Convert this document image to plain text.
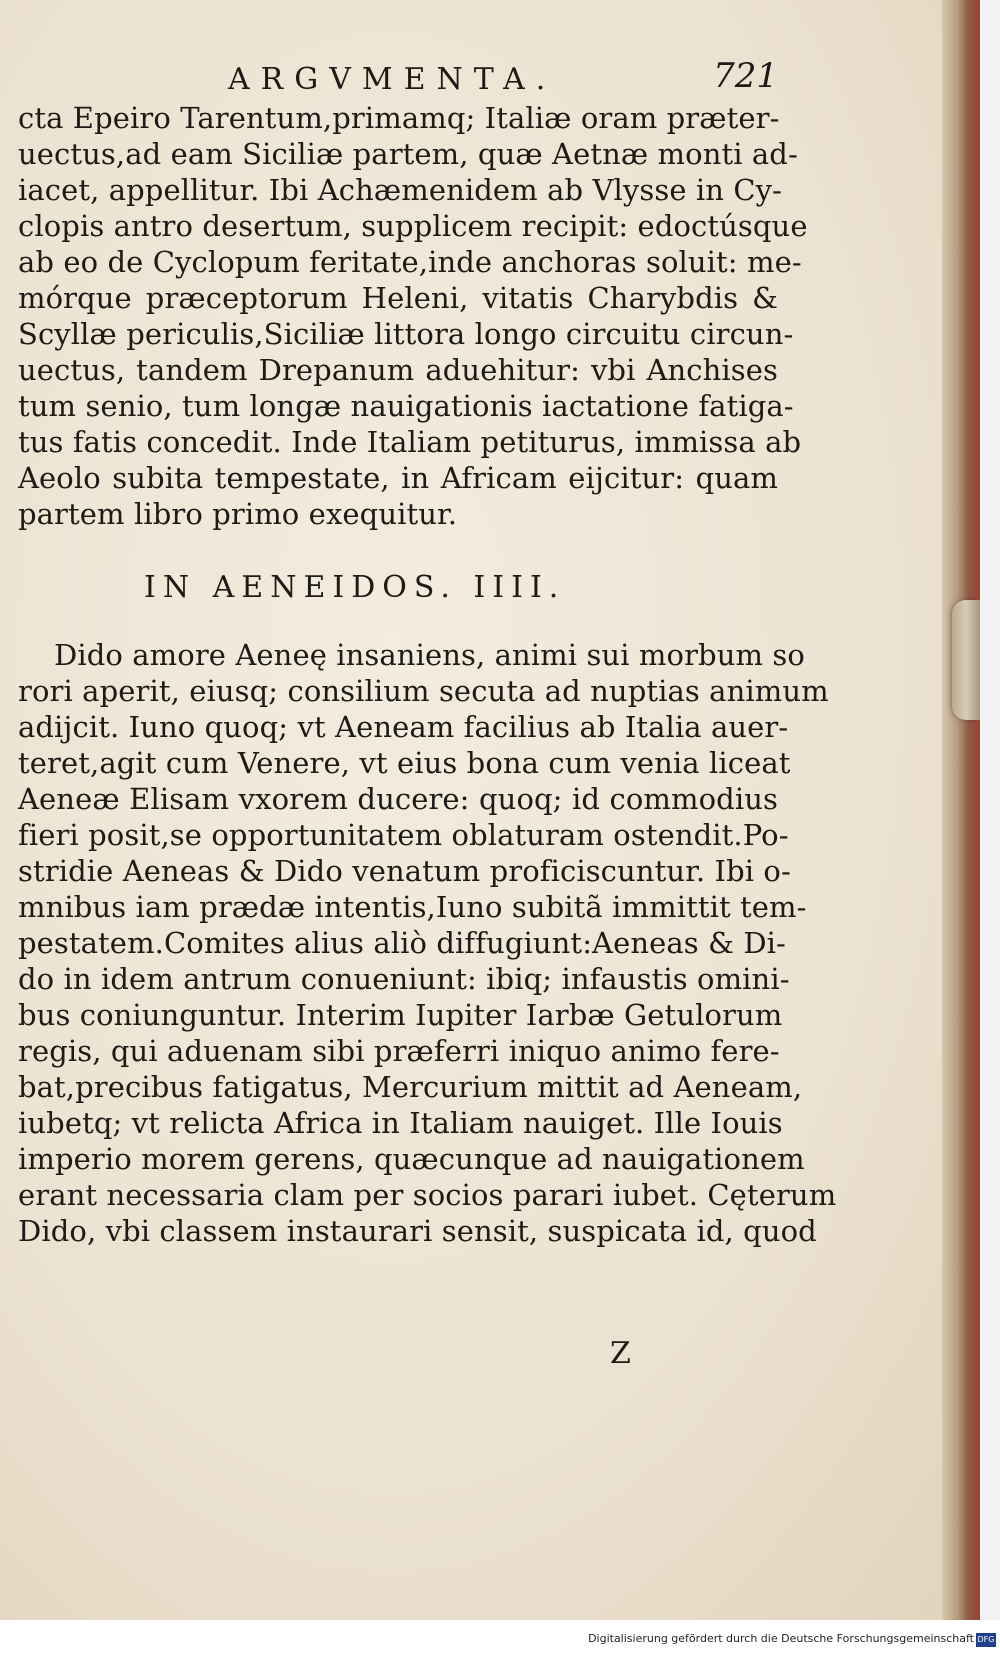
ARGVMENTA.	721
cta Epeiro Tarentum,primamq; Italiæ oram præter-
uectus,ad eam Siciliæ partem, quæ Aetnæ monti ad-
iacet, appellitur. Ibi Achæmenidem ab Vlysse in Cy-
clopis antro desertum, supplicem recipit: edoctúsque
ab eo de Cyclopum feritate,inde anchoras soluit: me-
mórque præceptorum Heleni, vitatis Charybdis &
Scyllæ periculis,Siciliæ littora longo circuitu circun-
uectus, tandem Drepanum aduehitur: vbi Anchises
tum senio, tum longæ nauigationis iactatione fatiga-
tus fatis concedit. Inde Italiam petiturus, immissa ab
Aeolo subita tempestate, in Africam eijcitur: quam
partem libro primo exequitur.
IN AENEIDOS. IIII.
Dido amore Aeneę insaniens, animi sui morbum so
rori aperit, eiusq; consilium secuta ad nuptias animum
adijcit. Iuno quoq; vt Aeneam facilius ab Italia auer-
teret,agit cum Venere, vt eius bona cum venia liceat
Aeneæ Elisam vxorem ducere: quoq; id commodius
fieri posit,se opportunitatem oblaturam ostendit.Po-
stridie Aeneas & Dido venatum proficiscuntur. Ibi o-
mnibus iam prædæ intentis,Iuno subitã immittit tem-
pestatem.Comites alius aliò diffugiunt:Aeneas & Di-
do in idem antrum conueniunt: ibiq; infaustis omini-
bus coniunguntur. Interim Iupiter Iarbæ Getulorum
regis, qui aduenam sibi præferri iniquo animo fere-
bat,precibus fatigatus, Mercurium mittit ad Aeneam,
iubetq; vt relicta Africa in Italiam nauiget. Ille Iouis
imperio morem gerens, quæcunque ad nauigationem
erant necessaria clam per socios parari iubet. Cęterum
Dido, vbi classem instaurari sensit, suspicata id, quod
Z
Digitalisierung gefördert durch die Deutsche Forschungsgemeinschaft DFG
